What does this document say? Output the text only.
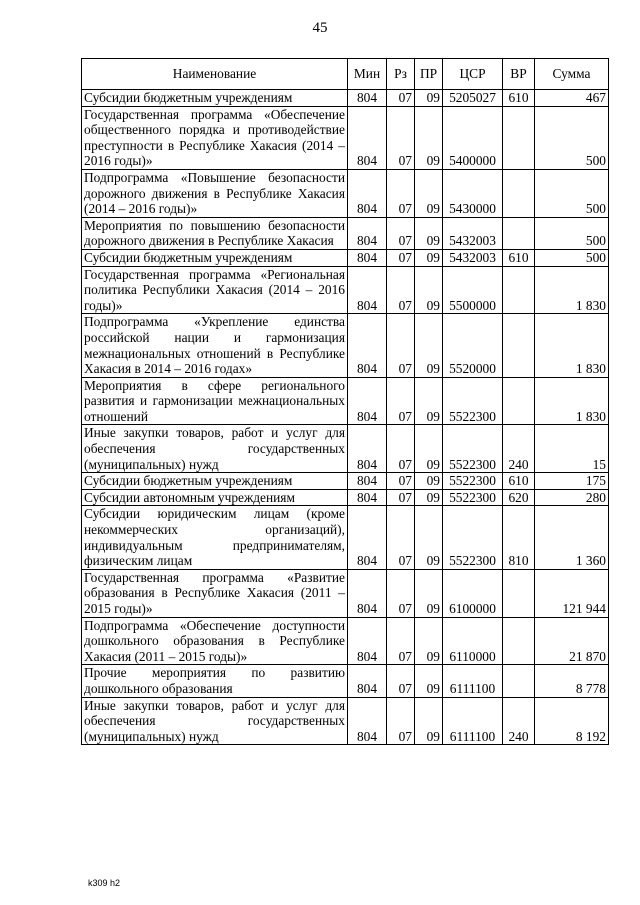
45
Наименование	Мин	Рз	ПР	ЦСР	ВР	Сумма
Субсидии бюджетным учреждениям	804	07	09	5205027	610	467
Государственная программа «Обеспечение общественного порядка и противодействие преступности в Республике Хакасия (2014 – 2016 годы)»	804	07	09	5400000		500
Подпрограмма «Повышение безопасности дорожного движения в Республике Хакасия (2014 – 2016 годы)»	804	07	09	5430000		500
Мероприятия по повышению безопасности дорожного движения в Республике Хакасия	804	07	09	5432003		500
Субсидии бюджетным учреждениям	804	07	09	5432003	610	500
Государственная программа «Региональная политика Республики Хакасия (2014 – 2016 годы)»	804	07	09	5500000		1 830
Подпрограмма «Укрепление единства российской нации и гармонизация межнациональных отношений в Республике Хакасия в 2014 – 2016 годах»	804	07	09	5520000		1 830
Мероприятия в сфере регионального развития и гармонизации межнациональных отношений	804	07	09	5522300		1 830
Иные закупки товаров, работ и услуг для обеспечения государственных (муниципальных) нужд	804	07	09	5522300	240	15
Субсидии бюджетным учреждениям	804	07	09	5522300	610	175
Субсидии автономным учреждениям	804	07	09	5522300	620	280
Субсидии юридическим лицам (кроме некоммерческих организаций), индивидуальным предпринимателям, физическим лицам	804	07	09	5522300	810	1 360
Государственная программа «Развитие образования в Республике Хакасия (2011 – 2015 годы)»	804	07	09	6100000		121 944
Подпрограмма «Обеспечение доступности дошкольного образования в Республике Хакасия (2011 – 2015 годы)»	804	07	09	6110000		21 870
Прочие мероприятия по развитию дошкольного образования	804	07	09	6111100		8 778
Иные закупки товаров, работ и услуг для обеспечения государственных (муниципальных) нужд	804	07	09	6111100	240	8 192
k309 h2
